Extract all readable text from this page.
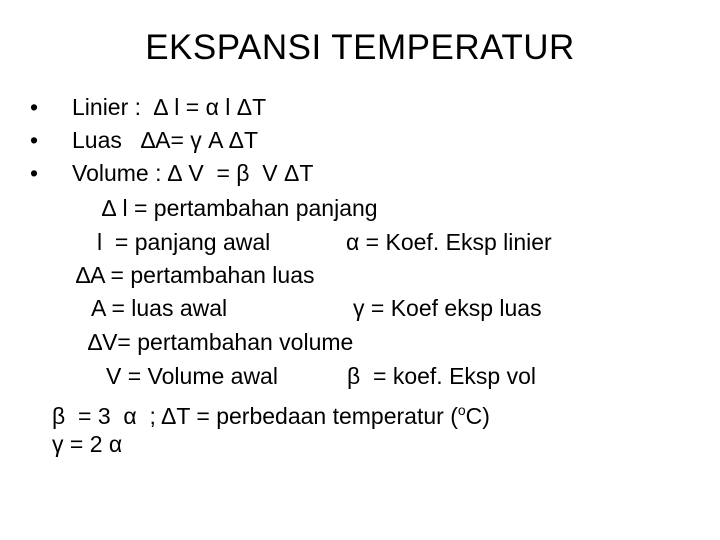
EKSPANSI TEMPERATUR
• Linier :  ∆ l = α l ΔT
• Luas   ∆A= γ A ΔT
• Volume : ∆ V  = β  V ΔT
∆ l = pertambahan panjang
l  = panjang awal	α = Koef. Eksp linier
∆A = pertambahan luas
A = luas awal	γ = Koef eksp luas
∆V= pertambahan volume
V = Volume awal	β  = koef. Eksp vol
β  = 3  α  ; ΔT = perbedaan temperatur ($^o$C)
γ = 2 α
